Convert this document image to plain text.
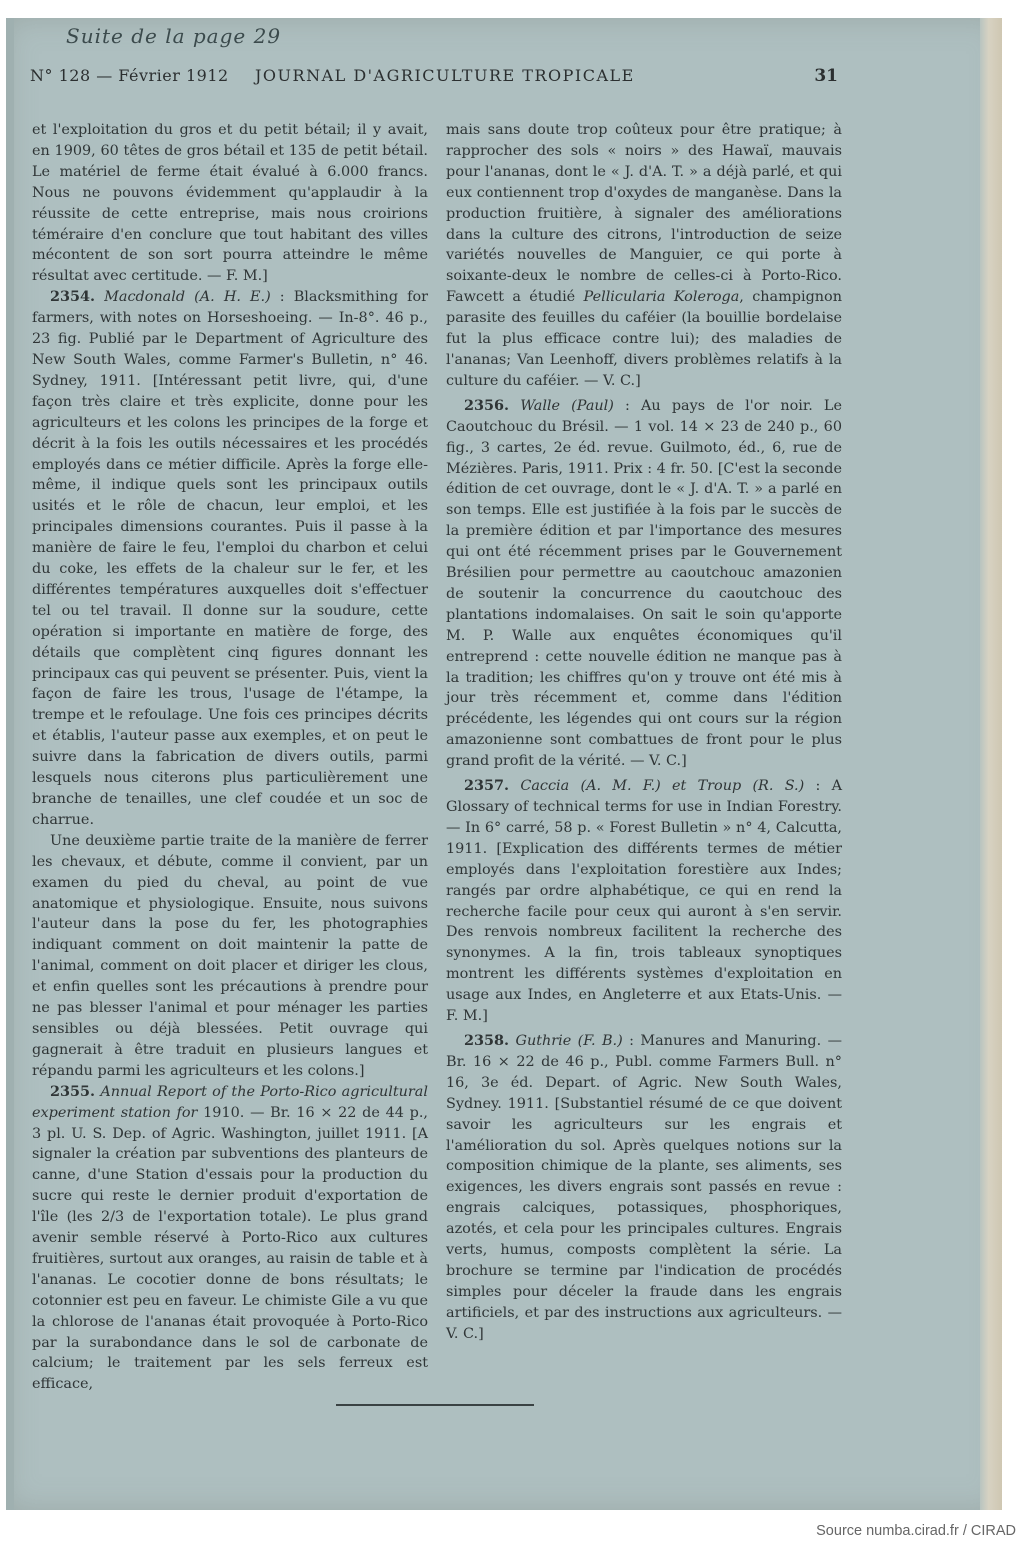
Suite de la page 29
N° 128 — Février 1912 JOURNAL D'AGRICULTURE TROPICALE	31

et l'exploitation du gros et du petit bétail; il y avait, en 1909, 60 têtes de gros bétail et 135 de petit bétail. Le matériel de ferme était évalué à 6.000 francs. Nous ne pouvons évidemment qu'applaudir à la réussite de cette entreprise, mais nous croirions téméraire d'en conclure que tout habitant des villes mécontent de son sort pourra atteindre le même résultat avec certitude. — F. M.]

2354. Macdonald (A. H. E.) : Blacksmithing for farmers, with notes on Horseshoeing. — In-8°. 46 p., 23 fig. Publié par le Department of Agriculture des New South Wales, comme Farmer's Bulletin, n° 46. Sydney, 1911. [Intéressant petit livre, qui, d'une façon très claire et très explicite, donne pour les agriculteurs et les colons les principes de la forge et décrit à la fois les outils nécessaires et les procédés employés dans ce métier difficile. Après la forge elle-même, il indique quels sont les principaux outils usités et le rôle de chacun, leur emploi, et les principales dimensions courantes. Puis il passe à la manière de faire le feu, l'emploi du charbon et celui du coke, les effets de la chaleur sur le fer, et les différentes températures auxquelles doit s'effectuer tel ou tel travail. Il donne sur la soudure, cette opération si importante en matière de forge, des détails que complètent cinq figures donnant les principaux cas qui peuvent se présenter. Puis, vient la façon de faire les trous, l'usage de l'étampe, la trempe et le refoulage. Une fois ces principes décrits et établis, l'auteur passe aux exemples, et on peut le suivre dans la fabrication de divers outils, parmi lesquels nous citerons plus particulièrement une branche de tenailles, une clef coudée et un soc de charrue.

Une deuxième partie traite de la manière de ferrer les chevaux, et débute, comme il convient, par un examen du pied du cheval, au point de vue anatomique et physiologique. Ensuite, nous suivons l'auteur dans la pose du fer, les photographies indiquant comment on doit maintenir la patte de l'animal, comment on doit placer et diriger les clous, et enfin quelles sont les précautions à prendre pour ne pas blesser l'animal et pour ménager les parties sensibles ou déjà blessées. Petit ouvrage qui gagnerait à être traduit en plusieurs langues et répandu parmi les agriculteurs et les colons.]

2355. Annual Report of the Porto-Rico agricultural experiment station for 1910. — Br. 16 × 22 de 44 p., 3 pl. U. S. Dep. of Agric. Washington, juillet 1911. [A signaler la création par subventions des planteurs de canne, d'une Station d'essais pour la production du sucre qui reste le dernier produit d'exportation de l'île (les 2/3 de l'exportation totale). Le plus grand avenir semble réservé à Porto-Rico aux cultures fruitières, surtout aux oranges, au raisin de table et à l'ananas. Le cocotier donne de bons résultats; le cotonnier est peu en faveur. Le chimiste Gile a vu que la chlorose de l'ananas était provoquée à Porto-Rico par la surabondance dans le sol de carbonate de calcium; le traitement par les sels ferreux est efficace,

mais sans doute trop coûteux pour être pratique; à rapprocher des sols « noirs » des Hawaï, mauvais pour l'ananas, dont le « J. d'A. T. » a déjà parlé, et qui eux contiennent trop d'oxydes de manganèse. Dans la production fruitière, à signaler des améliorations dans la culture des citrons, l'introduction de seize variétés nouvelles de Manguier, ce qui porte à soixante-deux le nombre de celles-ci à Porto-Rico. Fawcett a étudié Pellicularia Koleroga, champignon parasite des feuilles du caféier (la bouillie bordelaise fut la plus efficace contre lui); des maladies de l'ananas; Van Leenhoff, divers problèmes relatifs à la culture du caféier. — V. C.]

2356. Walle (Paul) : Au pays de l'or noir. Le Caoutchouc du Brésil. — 1 vol. 14 × 23 de 240 p., 60 fig., 3 cartes, 2e éd. revue. Guilmoto, éd., 6, rue de Mézières. Paris, 1911. Prix : 4 fr. 50. [C'est la seconde édition de cet ouvrage, dont le « J. d'A. T. » a parlé en son temps. Elle est justifiée à la fois par le succès de la première édition et par l'importance des mesures qui ont été récemment prises par le Gouvernement Brésilien pour permettre au caoutchouc amazonien de soutenir la concurrence du caoutchouc des plantations indomalaises. On sait le soin qu'apporte M. P. Walle aux enquêtes économiques qu'il entreprend : cette nouvelle édition ne manque pas à la tradition; les chiffres qu'on y trouve ont été mis à jour très récemment et, comme dans l'édition précédente, les légendes qui ont cours sur la région amazonienne sont combattues de front pour le plus grand profit de la vérité. — V. C.]

2357. Caccia (A. M. F.) et Troup (R. S.) : A Glossary of technical terms for use in Indian Forestry. — In 6° carré, 58 p. « Forest Bulletin » n° 4, Calcutta, 1911. [Explication des différents termes de métier employés dans l'exploitation forestière aux Indes; rangés par ordre alphabétique, ce qui en rend la recherche facile pour ceux qui auront à s'en servir. Des renvois nombreux facilitent la recherche des synonymes. A la fin, trois tableaux synoptiques montrent les différents systèmes d'exploitation en usage aux Indes, en Angleterre et aux Etats-Unis. — F. M.]

2358. Guthrie (F. B.) : Manures and Manuring. — Br. 16 × 22 de 46 p., Publ. comme Farmers Bull. n° 16, 3e éd. Depart. of Agric. New South Wales, Sydney. 1911. [Substantiel résumé de ce que doivent savoir les agriculteurs sur les engrais et l'amélioration du sol. Après quelques notions sur la composition chimique de la plante, ses aliments, ses exigences, les divers engrais sont passés en revue : engrais calciques, potassiques, phosphoriques, azotés, et cela pour les principales cultures. Engrais verts, humus, composts complètent la série. La brochure se termine par l'indication de procédés simples pour déceler la fraude dans les engrais artificiels, et par des instructions aux agriculteurs. — V. C.]

Source numba.cirad.fr / CIRAD
